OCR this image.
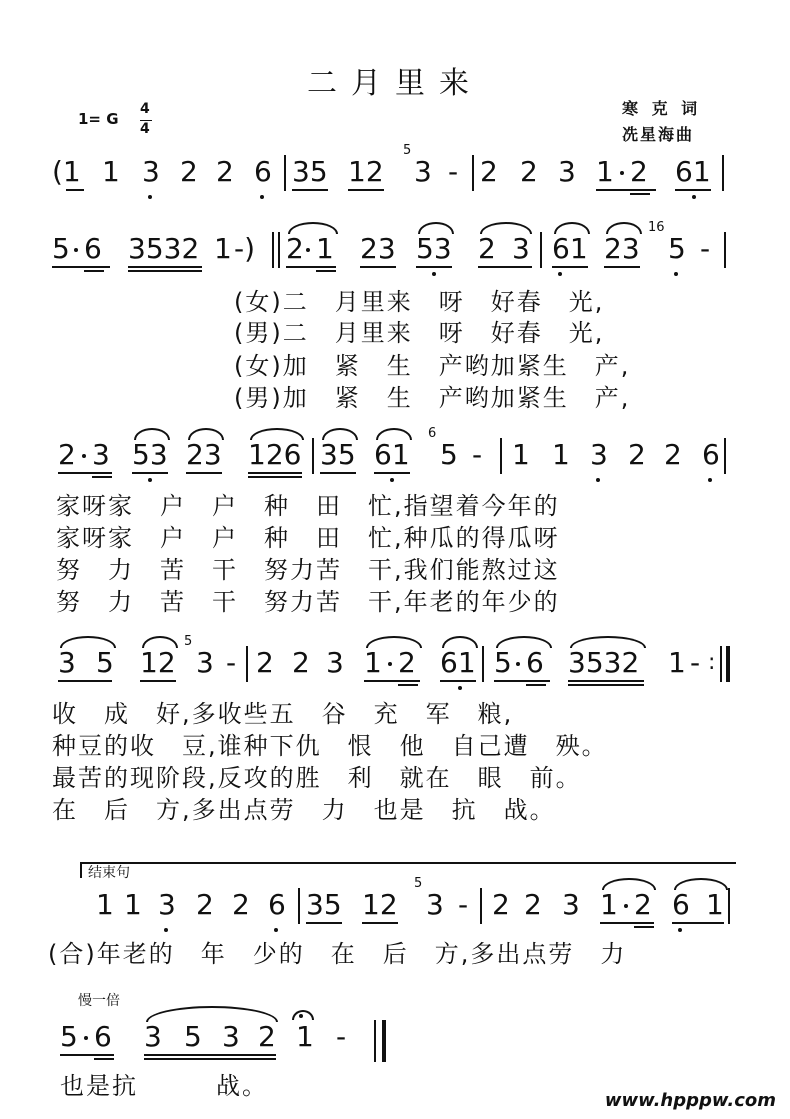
二月里来
1= G
4
4
寒 克 词
冼星海曲
(1 1 3 2 2 6 35 12
5
3 - 2 2 3 1 2 61
5 6 3532 1 -) 2 1 23 53 2 3 61 23
16
5 -
(女)二　月里来　呀　好春　光,
(男)二　月里来　呀　好春　光,
(女)加　紧　生　产哟加紧生　产,
(男)加　紧　生　产哟加紧生　产,
2 3 53 23 126 35 61
6
5 - 1 1 3 2 2 6
家呀家　户　户　种　田　忙,指望着今年的
家呀家　户　户　种　田　忙,种瓜的得瓜呀
努　力　苦　干　努力苦　干,我们能熬过这
努　力　苦　干　努力苦　干,年老的年少的
3 5 12
5
3 - 2 2 3 1 2 61 5 6 3532 1 - :
收　成　好,多收些五　谷　充　军　粮,
种豆的收　豆,谁种下仇　恨　他　自己遭　殃。
最苦的现阶段,反攻的胜　利　就在　眼　前。
在　后　方,多出点劳　力　也是　抗　战。
结束句
1 1 3 2 2 6 35 12
5
3 - 2 2 3 1 2 6 1
(合)年老的　年　少的　在　后　方,多出点劳　力
慢一倍
5 6 3 5 3 2 1 -
也是抗　　　战。
www.hpppw.com
